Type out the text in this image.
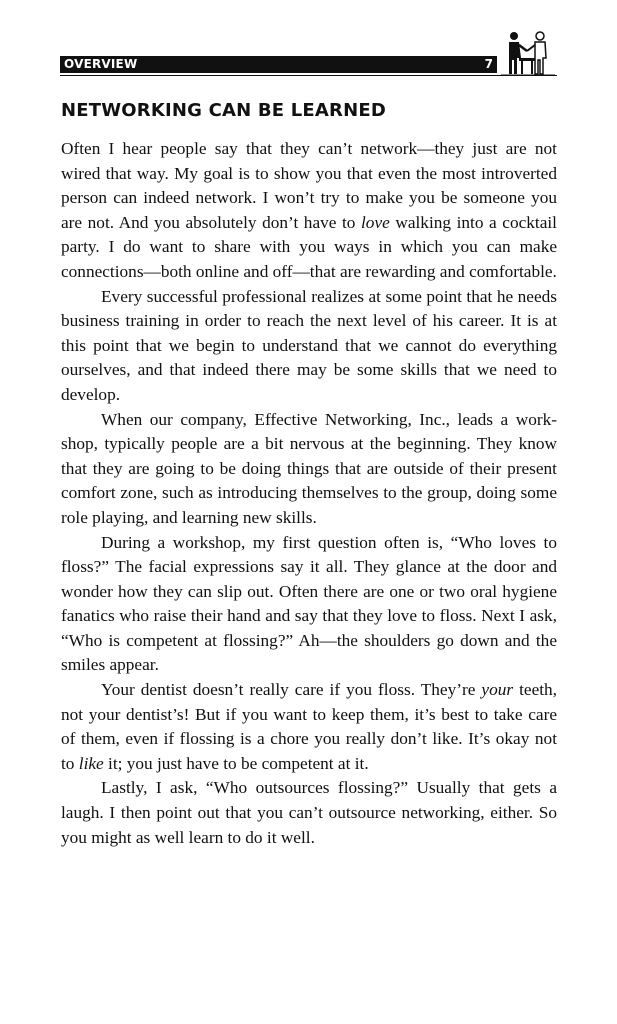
OVERVIEW	7
NETWORKING CAN BE LEARNED

Often I hear people say that they can’t network—they just are not wired that way. My goal is to show you that even the most introverted person can indeed network. I won’t try to make you be someone you are not. And you absolutely don’t have to love walking into a cocktail party. I do want to share with you ways in which you can make connections—both online and off—that are rewarding and comfortable.

Every successful professional realizes at some point that he needs business training in order to reach the next level of his career. It is at this point that we begin to understand that we cannot do everything ourselves, and that indeed there may be some skills that we need to develop.

When our company, Effective Networking, Inc., leads a work-shop, typically people are a bit nervous at the beginning. They know that they are going to be doing things that are outside of their present comfort zone, such as introducing themselves to the group, doing some role playing, and learning new skills.

During a workshop, my first question often is, “Who loves to floss?” The facial expressions say it all. They glance at the door and wonder how they can slip out. Often there are one or two oral hygiene fanatics who raise their hand and say that they love to floss. Next I ask, “Who is competent at flossing?” Ah—the shoulders go down and the smiles appear.

Your dentist doesn’t really care if you floss. They’re your teeth, not your dentist’s! But if you want to keep them, it’s best to take care of them, even if flossing is a chore you really don’t like. It’s okay not to like it; you just have to be competent at it.

Lastly, I ask, “Who outsources flossing?” Usually that gets a laugh. I then point out that you can’t outsource networking, either. So you might as well learn to do it well.
